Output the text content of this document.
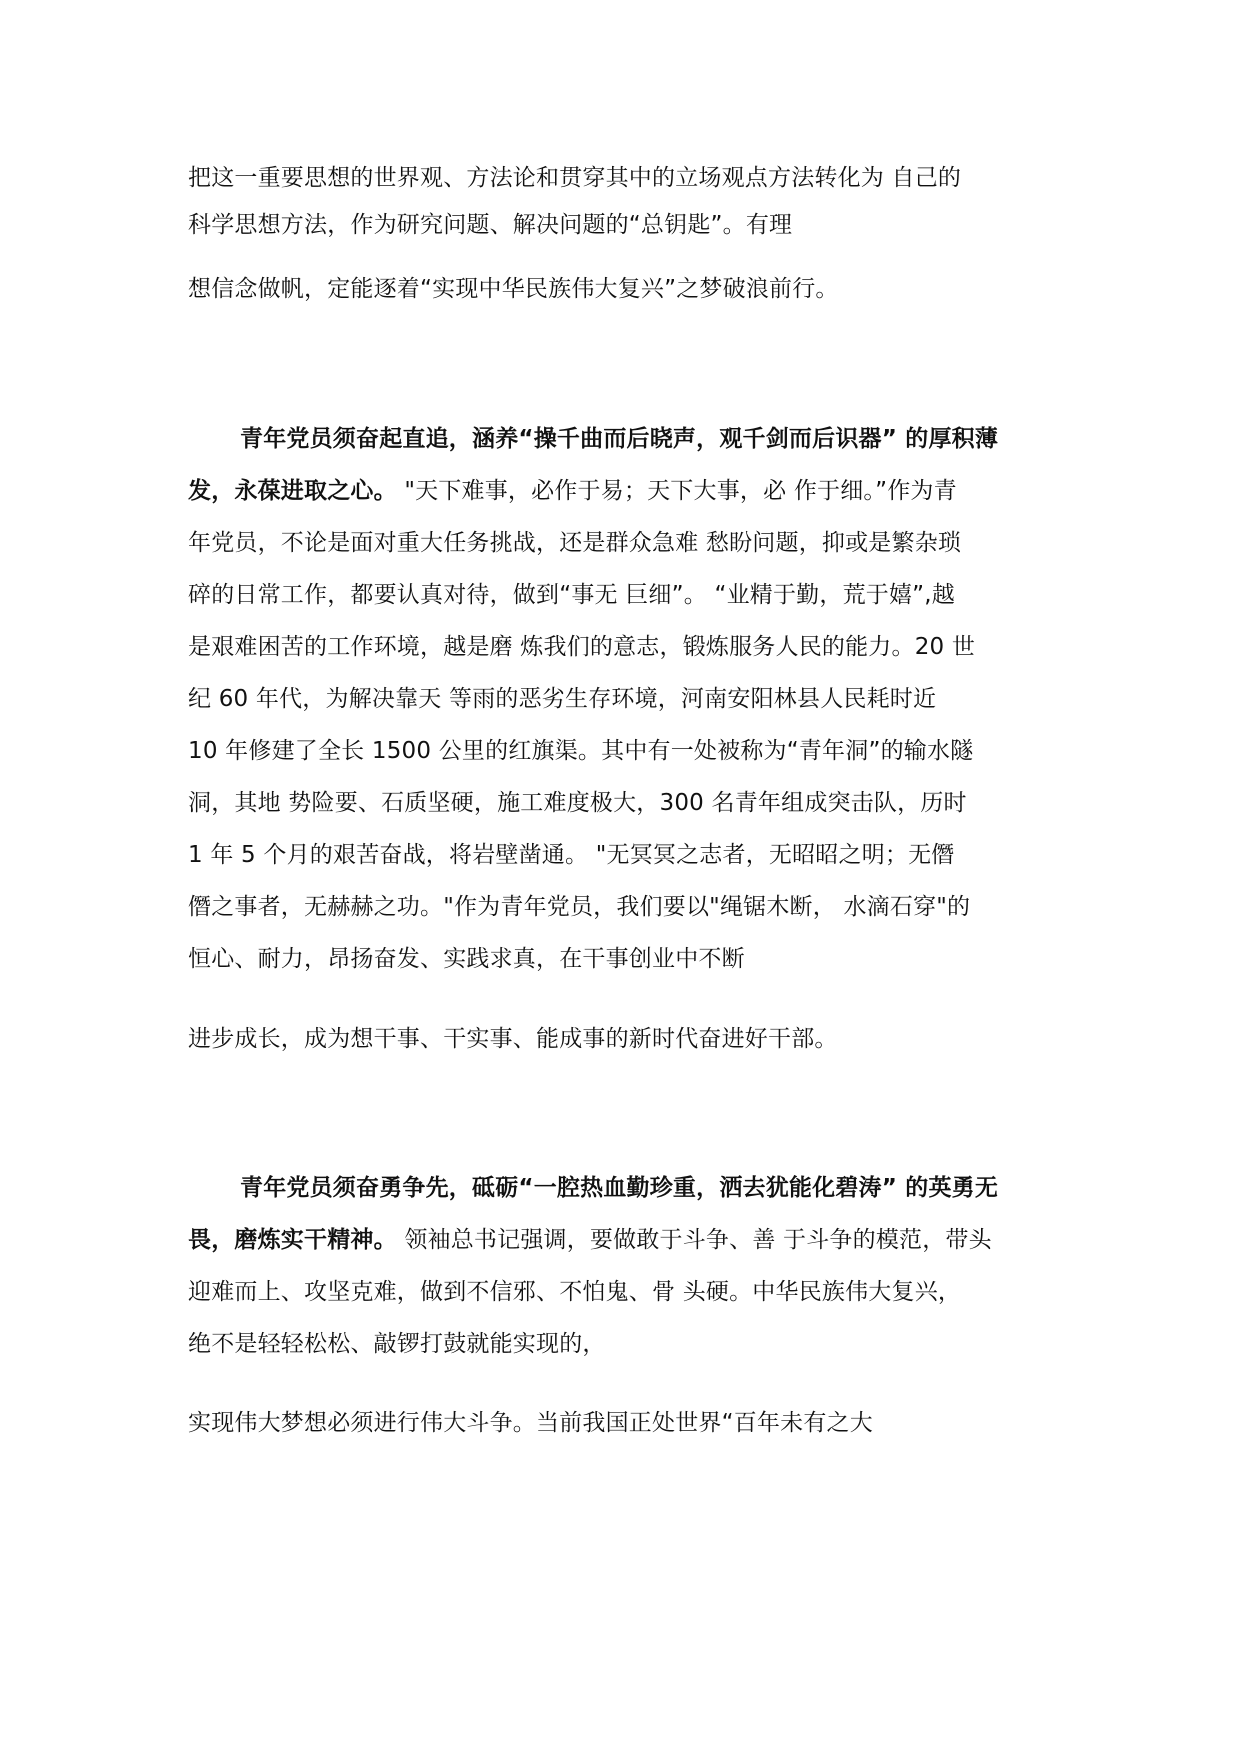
把这一重要思想的世界观、方法论和贯穿其中的立场观点方法转化为 自己的
科学思想方法，作为研究问题、解决问题的“总钥匙”。有理
想信念做帆，定能逐着“实现中华民族伟大复兴”之梦破浪前行。
青年党员须奋起直追，涵养“操千曲而后晓声，观千剑而后识器” 的厚积薄
发，永葆进取之心。 "天下难事，必作于易；天下大事，必 作于细。”作为青
年党员，不论是面对重大任务挑战，还是群众急难 愁盼问题，抑或是繁杂琐
碎的日常工作，都要认真对待，做到“事无 巨细”。 “业精于勤，荒于嬉”,越
是艰难困苦的工作环境，越是磨 炼我们的意志，锻炼服务人民的能力。20 世
纪 60 年代，为解决靠天 等雨的恶劣生存环境，河南安阳林县人民耗时近
10 年修建了全长 1500 公里的红旗渠。其中有一处被称为“青年洞”的输水隧
洞，其地 势险要、石质坚硬，施工难度极大，300 名青年组成突击队，历时
1 年 5 个月的艰苦奋战，将岩壁凿通。 "无冥冥之志者，无昭昭之明；无僭
僭之事者，无赫赫之功。"作为青年党员，我们要以"绳锯木断， 水滴石穿"的
恒心、耐力，昂扬奋发、实践求真，在干事创业中不断
进步成长，成为想干事、干实事、能成事的新时代奋进好干部。
青年党员须奋勇争先，砥砺“一腔热血勤珍重，洒去犹能化碧涛” 的英勇无
畏，磨炼实干精神。 领袖总书记强调，要做敢于斗争、善 于斗争的模范，带头
迎难而上、攻坚克难，做到不信邪、不怕鬼、骨 头硬。中华民族伟大复兴，
绝不是轻轻松松、敲锣打鼓就能实现的，
实现伟大梦想必须进行伟大斗争。当前我国正处世界“百年未有之大
